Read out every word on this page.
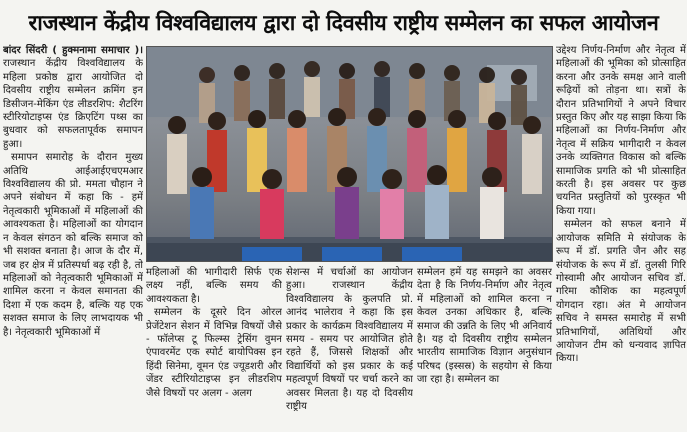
राजस्थान केंद्रीय विश्वविद्यालय द्वारा दो दिवसीय राष्ट्रीय सम्मेलन का सफल आयोजन

बांदर सिंदरी ( हुक्मनामा समाचार )। राजस्थान केंद्रीय विश्वविद्यालय के महिला प्रकोष्ठ द्वारा आयोजित दो दिवसीय राष्ट्रीय सम्मेलन क्रमिंग इन डिसीजन-मेकिंग एंड लीडरशिप: शैटरिंग स्टीरियोटाइप्स एंड क्रिएटिंग पथ्स का बुधवार को सफलतापूर्वक समापन हुआ।

समापन समारोह के दौरान मुख्य अतिथि आईआईएचएमआर विश्वविद्यालय की प्रो. ममता चौहान ने अपने संबोधन में कहा कि - हमें नेतृत्वकारी भूमिकाओं में महिलाओं की आवश्यकता है। महिलाओं का योगदान न केवल संगठन को बल्कि समाज को भी सशक्त बनाता है। आज के दौर में, जब हर क्षेत्र में प्रतिस्पर्धा बढ़ रही है, तो महिलाओं को नेतृत्वकारी भूमिकाओं में शामिल करना न केवल समानता की दिशा में एक कदम है, बल्कि यह एक सशक्त समाज के लिए लाभदायक भी है। नेतृत्वकारी भूमिकाओं में

महिलाओं की भागीदारी सिर्फ एक लक्ष्य नहीं, बल्कि समय की आवश्यकता है।

सम्मेलन के दूसरे दिन ओरल प्रेजेंटेशन सेशन में विभिन्न विषयों जैसे - फॉलेप्स टू फिल्म्स ट्रेसिंग वुमन एंपावरमेंट एक स्पोर्ट बायोपिक्स इन हिंदी सिनेमा, वूमन एंड ज्यूडशरी और जेंडर स्टीरियोटाइप्स इन लीडरशिप जैसे विषयों पर अलग - अलग

सेशन्स में चर्चाओं का आयोजन हुआ। राजस्थान केंद्रीय विश्वविद्यालय के कुलपति प्रो. आनंद भालेराव ने कहा कि इस प्रकार के कार्यक्रम विश्वविद्यालय में समय - समय पर आयोजित होते रहते हैं, जिससे शिक्षकों और विद्यार्थियों को इस प्रकार के कई महत्वपूर्ण विषयों पर चर्चा करने का अवसर मिलता है। यह दो दिवसीय राष्ट्रीय

सम्मेलन हमें यह समझने का अवसर देता है कि निर्णय-निर्माण और नेतृत्व में महिलाओं को शामिल करना न केवल उनका अधिकार है, बल्कि समाज की उन्नति के लिए भी अनिवार्य है। यह दो दिवसीय राष्ट्रीय सम्मेलन भारतीय सामाजिक विज्ञान अनुसंधान परिषद (इस्सस्र) के सहयोग से किया जा रहा है। सम्मेलन का

उद्देश्य निर्णय-निर्माण और नेतृत्व में महिलाओं की भूमिका को प्रोत्साहित करना और उनके समक्ष आने वाली रूढ़ियों को तोड़ना था। सत्रों के दौरान प्रतिभागियों ने अपने विचार प्रस्तुत किए और यह साझा किया कि महिलाओं का निर्णय-निर्माण और नेतृत्व में सक्रिय भागीदारी न केवल उनके व्यक्तिगत विकास को बल्कि सामाजिक प्रगति को भी प्रोत्साहित करती है। इस अवसर पर कुछ चयनित प्रस्तुतियों को पुरस्कृत भी किया गया।

सम्मेलन को सफल बनाने में आयोजक समिति मे संयोजक के रूप में डॉ. प्रगति जैन और सह संयोजक के रूप में डॉ. तुलसी गिरि गोस्वामी और आयोजन सचिव डॉ. गरिमा कौशिक का महत्वपूर्ण योगदान रहा। अंत मे आयोजन सचिव ने समस्त समारोह में सभी प्रतिभागियों, अतिथियों और आयोजन टीम को धन्यवाद ज्ञापित किया।
